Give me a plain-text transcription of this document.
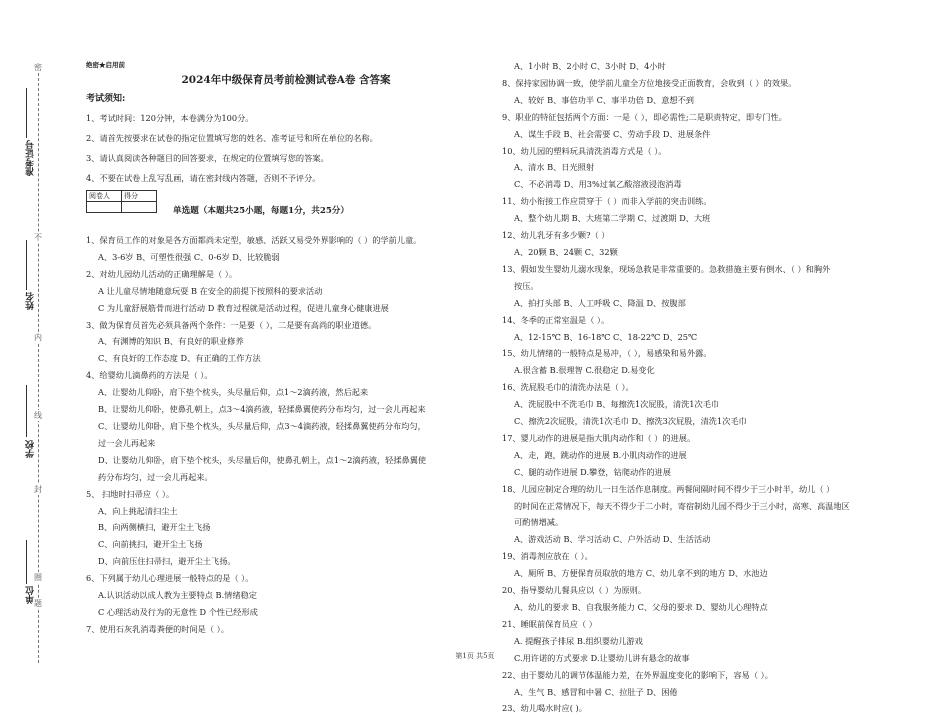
密
不
内
线
封
圈
题
准考证号
姓名
学校
单位

绝密★启用前

2024年中级保育员考前检测试卷A卷 含答案

考试须知:

1、考试时间：120分钟，本卷满分为100分。

2、请首先按要求在试卷的指定位置填写您的姓名、准考证号和所在单位的名称。

3、请认真阅读各种题目的回答要求，在规定的位置填写您的答案。

4、不要在试卷上乱写乱画，请在密封线内答题，否则不予评分。

阅卷人	得分

单选题（本题共25小题，每题1分，共25分）

1、保育员工作的对象是各方面都尚未定型，敏感、活跃又易受外界影响的（ ）的学前儿童。

A、3-6岁 B、可塑性很强 C、0-6岁 D、比较脆弱

2、对幼儿园幼儿活动的正确理解是（ ）。

A 让儿童尽情地随意玩耍 B 在安全的前提下按照科的要求活动

C 为儿童舒展筋骨而进行活动 D 教育过程就是活动过程，促进儿童身心健康进展

3、做为保育员首先必须具备两个条件：一是要（ ），二是要有高尚的职业道德。

A、有渊博的知识 B、有良好的职业修养

C、有良好的工作态度 D、有正确的工作方法

4、给婴幼儿滴鼻药的方法是（ ）。

A、让婴幼儿仰卧，肩下垫个枕头，头尽量后仰，点1～2滴药液，然后起来

B、让婴幼儿仰卧，使鼻孔朝上，点3～4滴药液，轻揉鼻翼使药分布均匀，过一会儿再起来

C、让婴幼儿仰卧，肩下垫个枕头，头尽量后仰，点3～4滴药液，轻揉鼻翼使药分布均匀，

过一会儿再起来

D、让婴幼儿仰卧，肩下垫个枕头，头尽量后仰，使鼻孔朝上，点1～2滴药液，轻揉鼻翼使

药分布均匀，过一会儿再起来。

5、 扫地时扫帚应（ ）。

A、向上挑起清扫尘土

B、向两侧横扫，避开尘土飞扬

C、向前挑扫，避开尘土飞扬

D、向前压住扫帚扫，避开尘土飞扬。

6、下列属于幼儿心理进展一般特点的是（ ）。

A.认识活动以成人教为主要特点 B.情绪稳定

C 心理活动及行为的无意性 D 个性已经形成

7、使用石灰乳消毒粪便的时间是（ ）。

A、1小时 B、2小时 C、3小时 D、4小时

8、保持家园协调一致，使学前儿童全方位地接受正面教育，会收到（ ）的效果。

A、较好 B、事倍功半 C、事半功倍 D、意想不到

9、职业的特征包括两个方面：一是（ ），即必需性;二是职责特定，即专门性。

A、谋生手段 B、社会需要 C、劳动手段 D、进展条件

10、幼儿园的塑料玩具清洗消毒方式是（ ）。

A、清水 B、日光照射

C、不必消毒 D、用3%过氧乙酸溶液浸泡消毒

11、幼小衔接工作应贯穿于（ ）而非入学前的突击训练。

A、整个幼儿期 B、大班第二学期 C、过渡期 D、大班

12、幼儿乳牙有多少颗?（ ）

A、20颗 B、24颗 C、32颗

13、假如发生婴幼儿溺水现象，现场急救是非常重要的。急救措施主要有倒水、（ ）和胸外

按压。

A、拍打头部 B、人工呼吸 C、降温 D、按腹部

14、冬季的正常室温是（ ）。

A、12-15℃ B、16-18℃ C、18-22℃ D、25℃

15、幼儿情绪的一般特点是易冲，（ ），易感染和易外露。

A.很含蓄 B.很理智 C.很稳定 D.易变化

16、洗屁股毛巾的清洗办法是（ ）。

A、洗屁股中不洗毛巾 B、每擦洗1次屁股，清洗1次毛巾

C、擦洗2次屁股，清洗1次毛巾 D、擦洗3次屁股，清洗1次毛巾

17、婴儿动作的进展是指大肌肉动作和（ ）的进展。

A、走，跑，跳动作的进展 B.小肌肉动作的进展

C、腿的动作进展 D.攀登，钻爬动作的进展

18、儿园应制定合理的幼儿一日生活作息制度。两餐间隔时间不得少于三小时半，幼儿（ ）

的时间在正常情况下，每天不得少于二小时，寄宿制幼儿园不得少于三小时，高寒、高温地区

可酌情增减。

A、游戏活动 B、学习活动 C、户外活动 D、生活活动

19、消毒剂应放在（ ）。

A、厕所 B、方便保育员取放的地方 C、幼儿拿不到的地方 D、水池边

20、指导婴幼儿餐具应以（ ）为原则。

A、幼儿的要求 B、自我服务能力 C、父母的要求 D、婴幼儿心理特点

21、睡眠前保育员应（ ）

A. 提醒孩子排尿 B.组织婴幼儿游戏

C.用许诺的方式要求 D.让婴幼儿讲有悬念的故事

22、由于婴幼儿的调节体温能力差，在外界温度变化的影响下，容易（ ）。

A、生气 B、感冒和中暑 C、拉肚子 D、困倦

23、幼儿喝水时应( )。

第1页 共5页
